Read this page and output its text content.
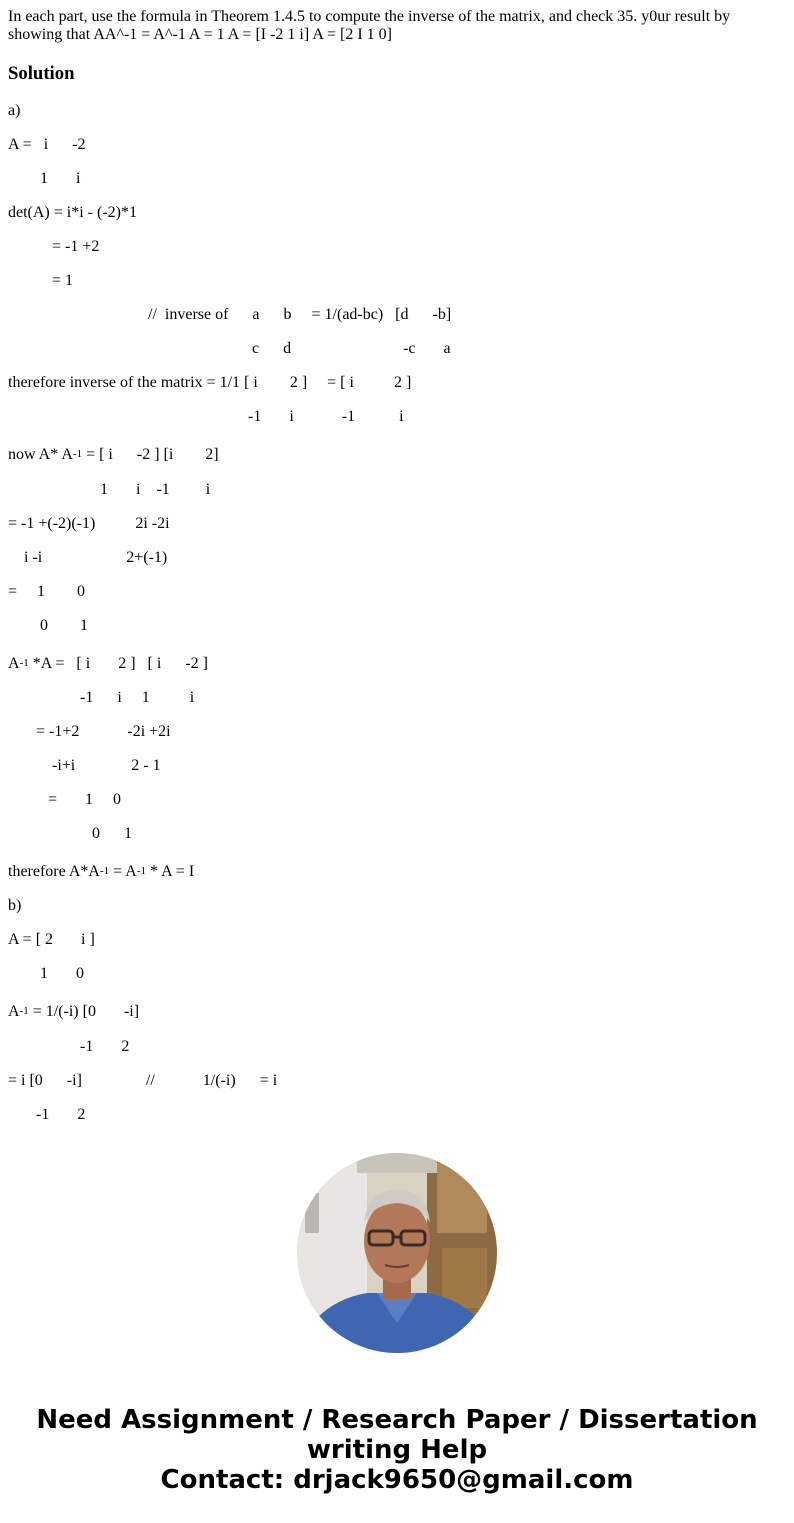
In each part, use the formula in Theorem 1.4.5 to compute the inverse of the matrix, and check 35. y0ur result by showing that AA^-1 = A^-1 A = 1 A = [I -2 1 i] A = [2 I 1 0]

Solution

a)

A =   i      -2

1       i

det(A) = i*i - (-2)*1

= -1 +2

= 1

//  inverse of      a      b     = 1/(ad-bc)   [d      -b]

c      d                            -c       a

therefore inverse of the matrix = 1/1 [ i        2 ]     = [ i          2 ]

-1       i            -1           i

now A* $A^{-1}$ = [ i      -2 ] [i        2]

1       i    -1         i

= -1 +(-2)(-1)          2i -2i

i -i                     2+(-1)

=     1        0

0        1

$A^{-1}$ *A =   [ i       2 ]   [ i      -2 ]

-1      i     1          i

= -1+2            -2i +2i

-i+i              2 - 1

=       1     0

0      1

therefore $A*A^{-1} = A^{-1} * A = I$

b)

A = [ 2       i ]

1       0

$A^{-1} = 1/(-i)$ [0       -i]

-1       2

= i [0      -i]                //            1/(-i)      = i

-1       2

Need Assignment / Research Paper / Dissertation

writing Help

Contact: drjack9650@gmail.com
